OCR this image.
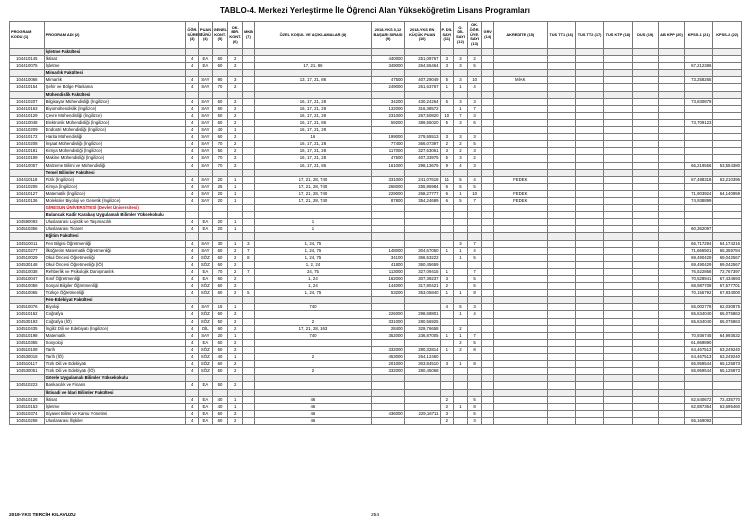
TABLO-4. Merkezi Yerleştirme İle Öğrenci Alan Yükseköğretim Lisans Programları
PROGRAM KODU (1)	PROGRAM ADI (2)	ÖĞR. SÜRESİ (3)	PUAN TÜRÜ (4)	GENEL KONT. (5)	OK. BİR. KONT. (6)	MKB (7)	ÖZEL KOŞUL VE AÇIKLAMALAR (8)	2018-YKS 0,12 BAŞARI SIRASI (9)	2018-YKS EN KÜÇÜK PUAN (10)	P. DİL SAYI (11)	O. DİL SAYI (12)	OK. ÖĞR. ÜYE. SAYI (13)	GRV (14)	AKREDİTE (15)	TUS TT1 (16)	TUS TT2 (17)	TUS KTP (18)	DUS (19)	AB KPP (20)	KPSS-1 (21)	KPSS-2 (22)
	İşletme Fakültesi																				
104410145	İktisat	4	EA	60	2			440000	251,09767	3	3	2									
104410075	İşletme	4	EA	60	2		17, 21, 86	349000	264,55464	3	3	5								67,212386	
	Mimarlık Fakültesi																				
104410066	Mimarlık	4	SAY	90	3		13, 17, 21, 86	47500	407,29049	5	3	10		MİAK						73,258265	
104410154	Şehir ve Bölge Planlama	4	SAY	70	2			249000	261,63767	1	1	4									
	Mühendislik Fakültesi																				
104410207	Bilgisayar Mühendisliği (İngilizce)	4	SAY	60	2		16, 17, 21, 28	34200	430,24264	5	3	3								73,830879	
104410163	Biyomühendislik (İngilizce)	4	SAY	50	2		16, 17, 21, 28	132000	316,38572		1	7									
104410129	Çevre Mühendisliği (İngilizce)	4	SAY	50	2		16, 17, 21, 28	231000	267,50820	10	7	3									
104410048	Elektronik Mühendisliği (İngilizce)	4	SAY	60	2		16, 17, 21, 86	59200	389,55020	5	3	6								73,709123	
104410209	Endüstri Mühendisliği (İngilizce)	4	SAY	40	1		16, 17, 21, 28														
104410172	Harita Mühendisliği	4	SAY	60	2		16	199000	279,55513	3	3	3									
104410208	İnşaat Mühendisliği (İngilizce)	4	SAY	70	2		16, 17, 21, 28	77400	366,07397	2	2	5									
104410181	Kimya Mühendisliği (İngilizce)	4	SAY	50	2		16, 17, 21, 28	117000	327,63061	3	2	3									
104410199	Makine Mühendisliği (İngilizce)	4	SAY	70	2		16, 17, 21, 28	47500	407,33975	5	3	2									
104410057	Malzeme Bilimi ve Mühendisliği	4	SAY	70	2		16, 17, 21, 86	161000	298,13675	9	4	3								66,219556	53,554380
	Temel Bilimler Fakültesi																				
104410118	Fizik (İngilizce)	4	SAY	20	1		17, 21, 28, 740	331000	241,07618	11	5	4		FEDEK						67,488318	63,210396
104410206	Kimya (İngilizce)	4	SAY	25	1		17, 21, 28, 740	268000	255,95984	6	5	5									
104410127	Matematik (İngilizce)	4	SAY	20	1		17, 21, 28, 740	229000	268,27777	6	1	10		FEDEK						71,903924	64,140959
104410136	Moleküler Biyoloji ve Genetik (İngilizce)	4	SAY	20	1		17, 21, 28, 740	87800	354,24689	6	5	7		FEDEK						74,938899	
	GİRESUN ÜNİVERSİTESİ (Devlet Üniversitesi)																				
	Bulancak Kadir Karabaş Uygulamalı Bilimler Yüksekokulu																				
104590093	Uluslararası Lojistik ve Taşımacılık	4	EA	20	1		1														
104510356	Uluslararası Ticaret	4	EA	20	1		1													60,362097	
	Eğitim Fakültesi																				
104510011	Fen Bilgisi Öğretmenliği	4	SAY	30	1	3	1, 24, 75				3	7								66,717294	64,174216
104510277	İlköğretim Matematik Öğretmenliği	4	SAY	60	2	7	1, 24, 75	148000	304,67050	1	1	4								71,666501	65,359784
104510029	Okul Öncesi Öğretmenliği	4	SÖZ	60	2	8	1, 24, 75	34100	366,53222		1	5								69,490429	69,042567
104530148	Okul Öncesi Öğretmenliği (İÖ)	4	SÖZ	60	2		1, 2, 24	41800	360,45659											69,490429	69,042567
104510038	Rehberlik ve Psikolojik Danışmanlık	4	EA	70	2	7	24, 75	113000	327,09415	1		7								76,522868	72,767397
104510047	Sınıf Öğretmenliği	4	EA	60	2		1, 24	162000	307,39237	3		5								70,528941	67,434693
104510056	Sosyal Bilgiler Öğretmenliği	4	SÖZ	60	2		1, 24	144000	317,80421	2		5								68,987708	67,577701
104510065	Türkçe Öğretmenliği	4	SÖZ	60	2	5	1, 24, 75	53200	353,05840	1	1	8								70,155792	67,834000
	Fen-Edebiyat Fakültesi																				
104510076	Biyoloji	4	SAY	15	1		740			4	5	3								65,002778	62,030875
104510162	Coğrafya	4	SÖZ	60	2			226000	298,68801		1	4								65,634040	65,075863
104530193	Coğrafya (İÖ)	4	SÖZ	50	2		2	331000	280,56925											65,634040	65,075863
104510435	İngiliz Dili ve Edebiyatı (İngilizce)	4	DİL	60	2		17, 21, 28, 163	28400	329,76658		2										
104510198	Matematik	4	SAY	20	1		740	352000	236,87005	1	1	7								70,936745	64,993532
104510365	Sosyoloji	4	EA	60	2						2	5								61,869890	
104510108	Tarih	4	SÖZ	50	2			332000	280,32814	1	2	8								64,467513	63,249240
104530015	Tarih (İÖ)	4	SÖZ	40	1		2	453000	264,12460											64,467513	63,249240
104510117	Türk Dili ve Edebiyatı	4	SÖZ	60	2			201000	303,84510	3	1	8								65,959544	65,125873
104530051	Türk Dili ve Edebiyatı (İÖ)	4	SÖZ	50	2		2	332000	280,45068											65,959544	65,125873
	Görele Uygulamalı Bilimler Yüksekokulu																				
104510223	Bankacılık ve Finans	4	EA	50	2																
	İktisadi ve İdari Bilimler Fakültesi																				
104510126	İktisat	4	EA	40	1		46			2		5								62,540672	72,435770
104510153	İşletme	4	EA	40	1		46			2	1	8								62,887364	63,695460
104510374	Siyaset Bilimi ve Kamu Yönetimi	4	EA	60	2		46	436000	229,16711	3		5									
104510268	Uluslararası İlişkiler	4	EA	60	2		46			2		3								65,169092	
2019-YKS TERCİH KILAVUZU	254
